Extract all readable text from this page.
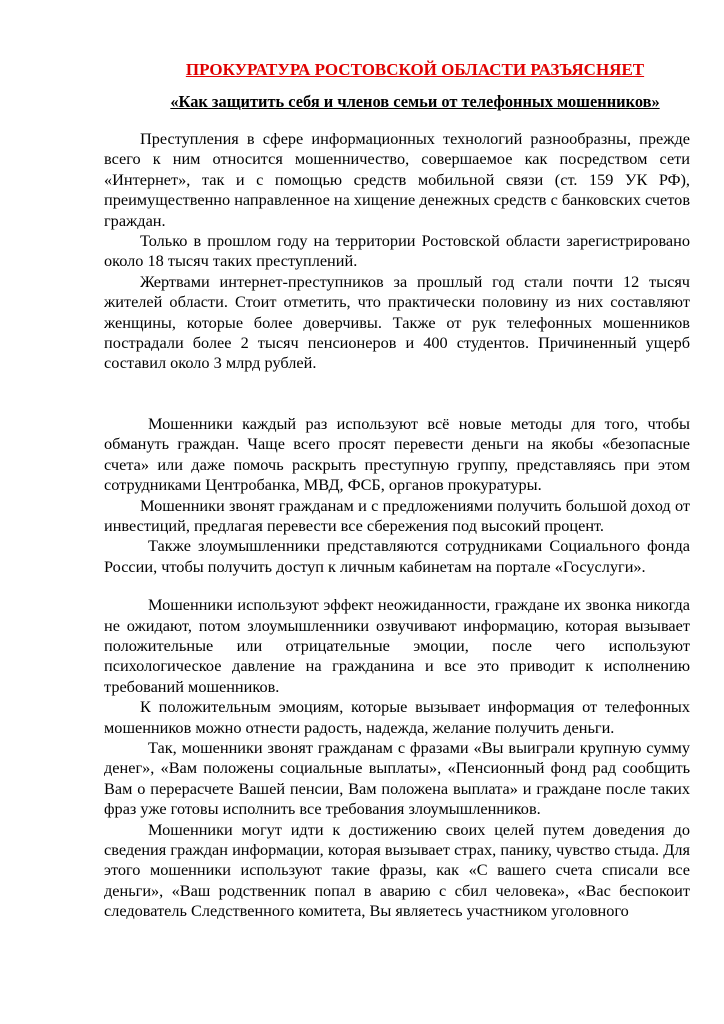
ПРОКУРАТУРА РОСТОВСКОЙ ОБЛАСТИ РАЗЪЯСНЯЕТ
«Как защитить себя и членов семьи от телефонных мошенников»

Преступления в сфере информационных технологий разнообразны, прежде всего к ним относится мошенничество, совершаемое как посредством сети «Интернет», так и с помощью средств мобильной связи (ст. 159 УК РФ), преимущественно направленное на хищение денежных средств с банковских счетов граждан.

Только в прошлом году на территории Ростовской области зарегистрировано около 18 тысяч таких преступлений.

Жертвами интернет-преступников за прошлый год стали почти 12 тысяч жителей области. Стоит отметить, что практически половину из них составляют женщины, которые более доверчивы. Также от рук телефонных мошенников пострадали более 2 тысяч пенсионеров и 400 студентов. Причиненный ущерб составил около 3 млрд рублей.

Мошенники каждый раз используют всё новые методы для того, чтобы обмануть граждан. Чаще всего просят перевести деньги на якобы «безопасные счета» или даже помочь раскрыть преступную группу, представляясь при этом сотрудниками Центробанка, МВД, ФСБ, органов прокуратуры.

Мошенники звонят гражданам и с предложениями получить большой доход от инвестиций, предлагая перевести все сбережения под высокий процент.

Также злоумышленники представляются сотрудниками Социального фонда России, чтобы получить доступ к личным кабинетам на портале «Госуслуги».

Мошенники используют эффект неожиданности, граждане их звонка никогда не ожидают, потом злоумышленники озвучивают информацию, которая вызывает положительные или отрицательные эмоции, после чего используют психологическое давление на гражданина и все это приводит к исполнению требований мошенников.

К положительным эмоциям, которые вызывает информация от телефонных мошенников можно отнести радость, надежда, желание получить деньги.

Так, мошенники звонят гражданам с фразами «Вы выиграли крупную сумму денег», «Вам положены социальные выплаты», «Пенсионный фонд рад сообщить Вам о перерасчете Вашей пенсии, Вам положена выплата» и граждане после таких фраз уже готовы исполнить все требования злоумышленников.

Мошенники могут идти к достижению своих целей путем доведения до сведения граждан информации, которая вызывает страх, панику, чувство стыда. Для этого мошенники используют такие фразы, как «С вашего счета списали все деньги», «Ваш родственник попал в аварию с сбил человека», «Вас беспокоит следователь Следственного комитета, Вы являетесь участником уголовного
